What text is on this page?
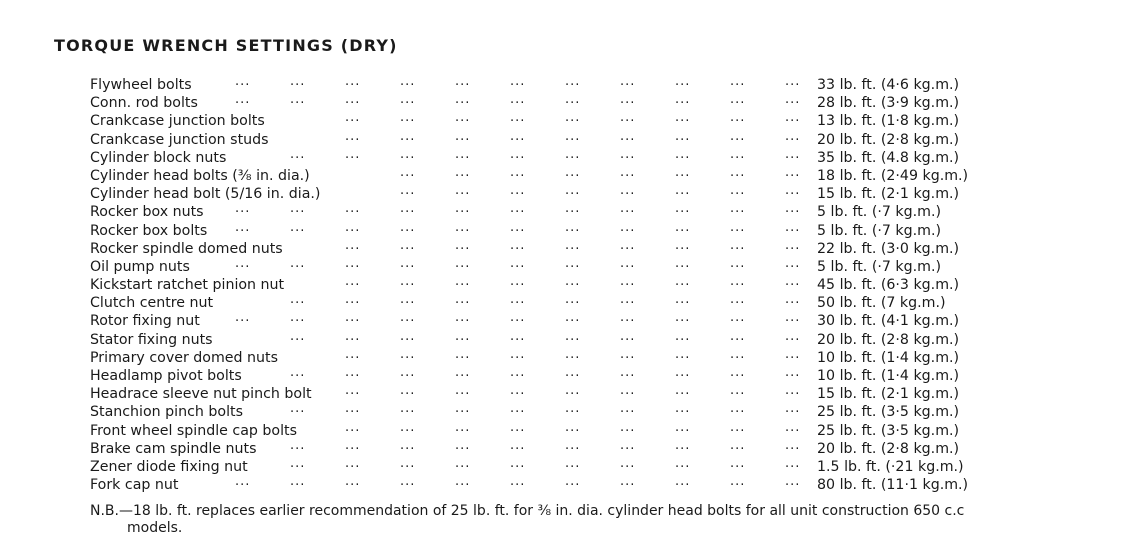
TORQUE WRENCH SETTINGS (DRY)
...	...	...	...	...	...	...	...	...	...	...
Flywheel bolts	33 lb. ft. (4·6 kg.m.)
...	...	...	...	...	...	...	...	...	...	...
Conn. rod bolts	28 lb. ft. (3·9 kg.m.)
...	...	...	...	...	...	...	...	...
Crankcase junction bolts	13 lb. ft. (1·8 kg.m.)
...	...	...	...	...	...	...	...	...
Crankcase junction studs	20 lb. ft. (2·8 kg.m.)
...	...	...	...	...	...	...	...	...	...
Cylinder block nuts	35 lb. ft. (4.8 kg.m.)
...	...	...	...	...	...	...	...
Cylinder head bolts (⅜ in. dia.)	18 lb. ft. (2·49 kg.m.)
...	...	...	...	...	...	...	...
Cylinder head bolt (5/16 in. dia.)	15 lb. ft. (2·1 kg.m.)
...	...	...	...	...	...	...	...	...	...	...
Rocker box nuts	5 lb. ft. (·7 kg.m.)
...	...	...	...	...	...	...	...	...	...	...
Rocker box bolts	5 lb. ft. (·7 kg.m.)
...	...	...	...	...	...	...	...	...
Rocker spindle domed nuts	22 lb. ft. (3·0 kg.m.)
...	...	...	...	...	...	...	...	...	...	...
Oil pump nuts	5 lb. ft. (·7 kg.m.)
...	...	...	...	...	...	...	...	...
Kickstart ratchet pinion nut	45 lb. ft. (6·3 kg.m.)
...	...	...	...	...	...	...	...	...	...
Clutch centre nut	50 lb. ft. (7 kg.m.)
...	...	...	...	...	...	...	...	...	...	...
Rotor fixing nut	30 lb. ft. (4·1 kg.m.)
...	...	...	...	...	...	...	...	...	...
Stator fixing nuts	20 lb. ft. (2·8 kg.m.)
...	...	...	...	...	...	...	...	...
Primary cover domed nuts	10 lb. ft. (1·4 kg.m.)
...	...	...	...	...	...	...	...	...	...
Headlamp pivot bolts	10 lb. ft. (1·4 kg.m.)
...	...	...	...	...	...	...	...	...
Headrace sleeve nut pinch bolt	15 lb. ft. (2·1 kg.m.)
...	...	...	...	...	...	...	...	...	...
Stanchion pinch bolts	25 lb. ft. (3·5 kg.m.)
...	...	...	...	...	...	...	...	...
Front wheel spindle cap bolts	25 lb. ft. (3·5 kg.m.)
...	...	...	...	...	...	...	...	...	...
Brake cam spindle nuts	20 lb. ft. (2·8 kg.m.)
...	...	...	...	...	...	...	...	...	...
Zener diode fixing nut	1.5 lb. ft. (·21 kg.m.)
...	...	...	...	...	...	...	...	...	...	...
Fork cap nut	80 lb. ft. (11·1 kg.m.)
N.B.—18 lb. ft. replaces earlier recommendation of 25 lb. ft. for ⅜ in. dia. cylinder head bolts for all unit construction 650 c.c
models.
